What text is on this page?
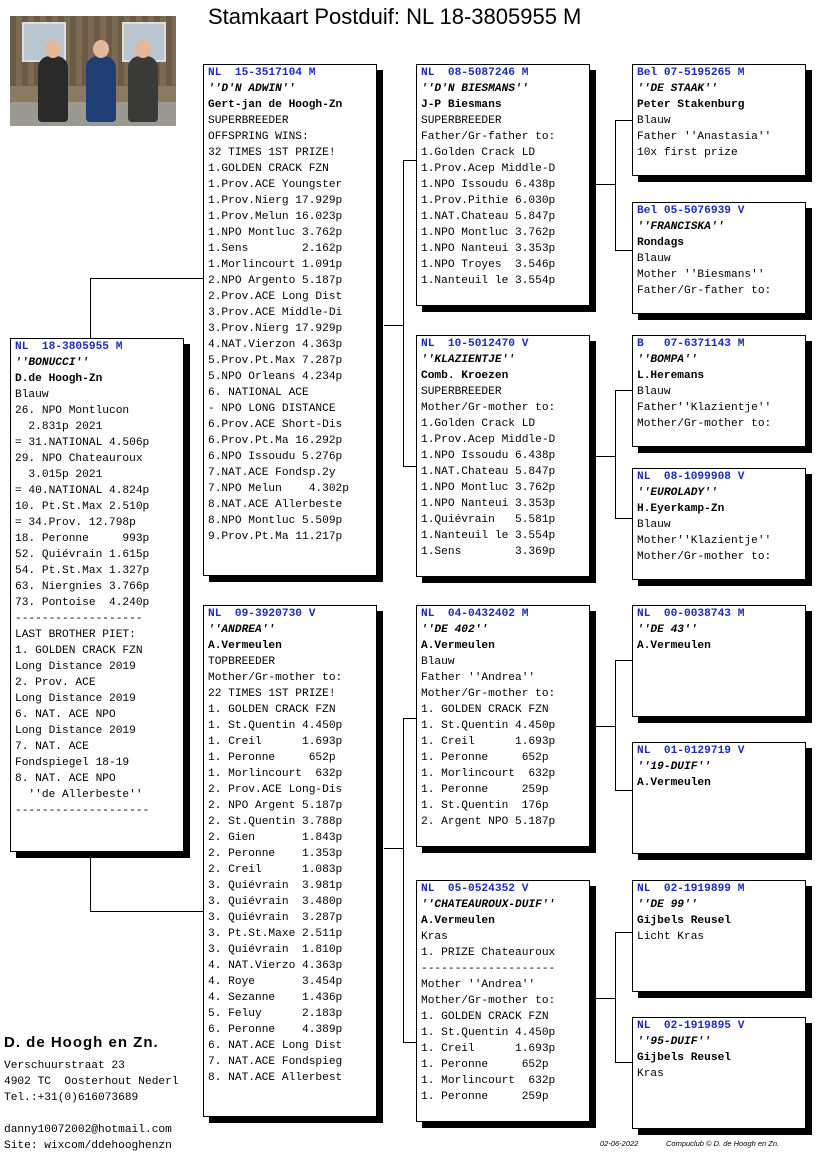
Stamkaart Postduif: NL 18-3805955 M
NL  18-3805955 M
''BONUCCI''
D.de Hoogh-Zn
Blauw
26. NPO Montlucon
2.831p 2021
= 31.NATIONAL 4.506p
29. NPO Chateauroux
3.015p 2021
= 40.NATIONAL 4.824p
10. Pt.St.Max 2.510p
= 34.Prov. 12.798p
18. Peronne     993p
52. Quiévrain 1.615p
54. Pt.St.Max 1.327p
63. Niergnies 3.766p
73. Pontoise  4.240p
-------------------
LAST BROTHER PIET:
1. GOLDEN CRACK FZN
Long Distance 2019
2. Prov. ACE
Long Distance 2019
6. NAT. ACE NPO
Long Distance 2019
7. NAT. ACE
Fondspiegel 18-19
8. NAT. ACE NPO
''de Allerbeste''
--------------------
NL  15-3517104 M
''D'N ADWIN''
Gert-jan de Hoogh-Zn
SUPERBREEDER
OFFSPRING WINS:
32 TIMES 1ST PRIZE!
1.GOLDEN CRACK FZN
1.Prov.ACE Youngster
1.Prov.Nierg 17.929p
1.Prov.Melun 16.023p
1.NPO Montluc 3.762p
1.Sens        2.162p
1.Morlincourt 1.091p
2.NPO Argento 5.187p
2.Prov.ACE Long Dist
3.Prov.ACE Middle-Di
3.Prov.Nierg 17.929p
4.NAT.Vierzon 4.363p
5.Prov.Pt.Max 7.287p
5.NPO Orleans 4.234p
6. NATIONAL ACE
- NPO LONG DISTANCE
6.Prov.ACE Short-Dis
6.Prov.Pt.Ma 16.292p
6.NPO Issoudu 5.276p
7.NAT.ACE Fondsp.2y
7.NPO Melun    4.302p
8.NAT.ACE Allerbeste
8.NPO Montluc 5.509p
9.Prov.Pt.Ma 11.217p
NL  09-3920730 V
''ANDREA''
A.Vermeulen
TOPBREEDER
Mother/Gr-mother to:
22 TIMES 1ST PRIZE!
1. GOLDEN CRACK FZN
1. St.Quentin 4.450p
1. Creil      1.693p
1. Peronne     652p
1. Morlincourt  632p
2. Prov.ACE Long-Dis
2. NPO Argent 5.187p
2. St.Quentin 3.788p
2. Gien       1.843p
2. Peronne    1.353p
2. Creil      1.083p
3. Quiévrain  3.981p
3. Quiévrain  3.480p
3. Quiévrain  3.287p
3. Pt.St.Maxe 2.511p
3. Quiévrain  1.810p
4. NAT.Vierzo 4.363p
4. Roye       3.454p
4. Sezanne    1.436p
5. Feluy      2.183p
6. Peronne    4.389p
6. NAT.ACE Long Dist
7. NAT.ACE Fondspieg
8. NAT.ACE Allerbest
NL  08-5087246 M
''D'N BIESMANS''
J-P Biesmans
SUPERBREEDER
Father/Gr-father to:
1.Golden Crack LD
1.Prov.Acep Middle-D
1.NPO Issoudu 6.438p
1.Prov.Pithie 6.030p
1.NAT.Chateau 5.847p
1.NPO Montluc 3.762p
1.NPO Nanteui 3.353p
1.NPO Troyes  3.546p
1.Nanteuil le 3.554p
NL  10-5012470 V
''KLAZIENTJE''
Comb. Kroezen
SUPERBREEDER
Mother/Gr-mother to:
1.Golden Crack LD
1.Prov.Acep Middle-D
1.NPO Issoudu 6.438p
1.NAT.Chateau 5.847p
1.NPO Montluc 3.762p
1.NPO Nanteui 3.353p
1.Quiévrain   5.581p
1.Nanteuil le 3.554p
1.Sens        3.369p
NL  04-0432402 M
''DE 402''
A.Vermeulen
Blauw
Father ''Andrea''
Mother/Gr-mother to:
1. GOLDEN CRACK FZN
1. St.Quentin 4.450p
1. Creil      1.693p
1. Peronne     652p
1. Morlincourt  632p
1. Peronne     259p
1. St.Quentin  176p
2. Argent NPO 5.187p
NL  05-0524352 V
''CHATEAUROUX-DUIF''
A.Vermeulen
Kras
1. PRIZE Chateauroux
--------------------
Mother ''Andrea''
Mother/Gr-mother to:
1. GOLDEN CRACK FZN
1. St.Quentin 4.450p
1. Creil      1.693p
1. Peronne     652p
1. Morlincourt  632p
1. Peronne     259p
Bel 07-5195265 M
''DE STAAK''
Peter Stakenburg
Blauw
Father ''Anastasia''
10x first prize
Bel 05-5076939 V
''FRANCISKA''
Rondags
Blauw
Mother ''Biesmans''
Father/Gr-father to:
B   07-6371143 M
''BOMPA''
L.Heremans
Blauw
Father''Klazientje''
Mother/Gr-mother to:
NL  08-1099908 V
''EUROLADY''
H.Eyerkamp-Zn
Blauw
Mother''Klazientje''
Mother/Gr-mother to:
NL  00-0038743 M
''DE 43''
A.Vermeulen
NL  01-0129719 V
''19-DUIF''
A.Vermeulen
NL  02-1919899 M
''DE 99''
Gijbels Reusel
Licht Kras
NL  02-1919895 V
''95-DUIF''
Gijbels Reusel
Kras
D. de Hoogh en Zn.
Verschuurstraat 23
4902 TC  Oosterhout Nederl
Tel.:+31(0)616073689
danny10072002@hotmail.com
Site: wixcom/ddehooghenzn	02-06-2022	Compuclub © D. de Hoogh en Zn.
